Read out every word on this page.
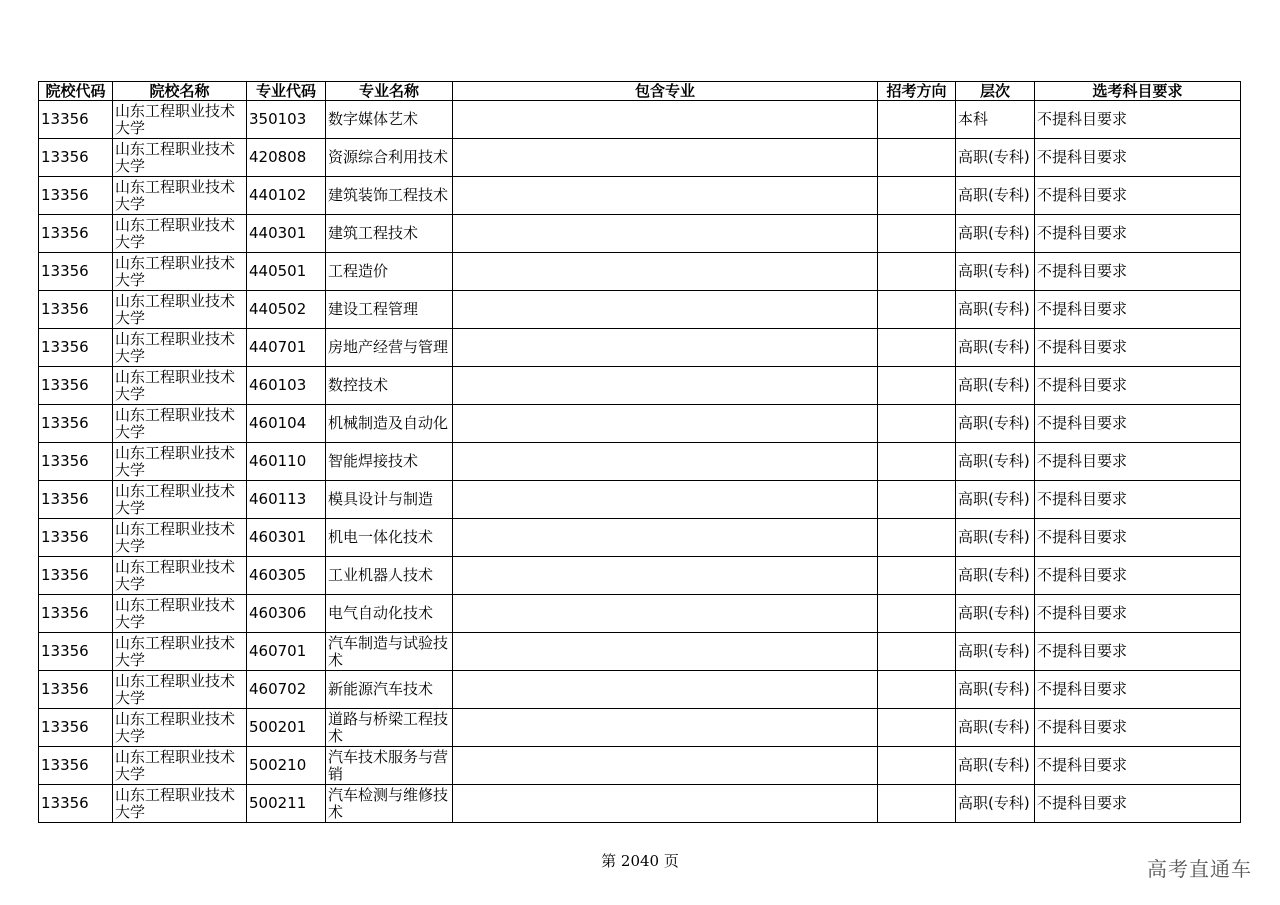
院校代码	院校名称	专业代码	专业名称	包含专业	招考方向	层次	选考科目要求
13356	山东工程职业技术大学	350103	数字媒体艺术			本科	不提科目要求
13356	山东工程职业技术大学	420808	资源综合利用技术			高职(专科)	不提科目要求
13356	山东工程职业技术大学	440102	建筑装饰工程技术			高职(专科)	不提科目要求
13356	山东工程职业技术大学	440301	建筑工程技术			高职(专科)	不提科目要求
13356	山东工程职业技术大学	440501	工程造价			高职(专科)	不提科目要求
13356	山东工程职业技术大学	440502	建设工程管理			高职(专科)	不提科目要求
13356	山东工程职业技术大学	440701	房地产经营与管理			高职(专科)	不提科目要求
13356	山东工程职业技术大学	460103	数控技术			高职(专科)	不提科目要求
13356	山东工程职业技术大学	460104	机械制造及自动化			高职(专科)	不提科目要求
13356	山东工程职业技术大学	460110	智能焊接技术			高职(专科)	不提科目要求
13356	山东工程职业技术大学	460113	模具设计与制造			高职(专科)	不提科目要求
13356	山东工程职业技术大学	460301	机电一体化技术			高职(专科)	不提科目要求
13356	山东工程职业技术大学	460305	工业机器人技术			高职(专科)	不提科目要求
13356	山东工程职业技术大学	460306	电气自动化技术			高职(专科)	不提科目要求
13356	山东工程职业技术大学	460701	汽车制造与试验技术			高职(专科)	不提科目要求
13356	山东工程职业技术大学	460702	新能源汽车技术			高职(专科)	不提科目要求
13356	山东工程职业技术大学	500201	道路与桥梁工程技术			高职(专科)	不提科目要求
13356	山东工程职业技术大学	500210	汽车技术服务与营销			高职(专科)	不提科目要求
13356	山东工程职业技术大学	500211	汽车检测与维修技术			高职(专科)	不提科目要求
第 2040 页	高考直通车
